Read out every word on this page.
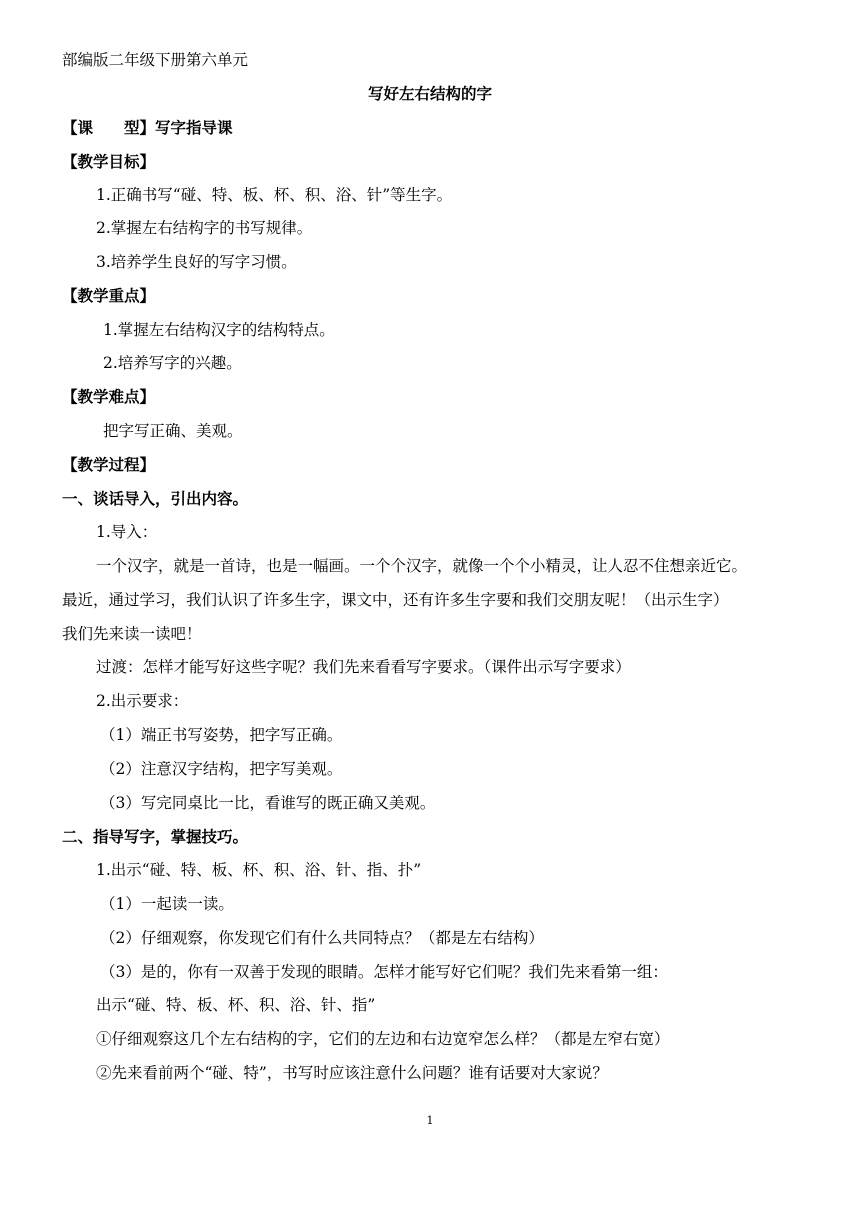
部编版二年级下册第六单元
写好左右结构的字
【课　　型】写字指导课
【教学目标】
1.正确书写“碰、特、板、杯、积、浴、针”等生字。
2.掌握左右结构字的书写规律。
3.培养学生良好的写字习惯。
【教学重点】
1.掌握左右结构汉字的结构特点。
2.培养写字的兴趣。
【教学难点】
把字写正确、美观。
【教学过程】
一、谈话导入，引出内容。
1.导入：
一个汉字，就是一首诗，也是一幅画。一个个汉字，就像一个个小精灵，让人忍不住想亲近它。
最近，通过学习，我们认识了许多生字，课文中，还有许多生字要和我们交朋友呢！（出示生字）
我们先来读一读吧！
过渡：怎样才能写好这些字呢？我们先来看看写字要求。（课件出示写字要求）
2.出示要求：
（1）端正书写姿势，把字写正确。
（2）注意汉字结构，把字写美观。
（3）写完同桌比一比，看谁写的既正确又美观。
二、指导写字，掌握技巧。
1.出示“碰、特、板、杯、积、浴、针、指、扑”
（1）一起读一读。
（2）仔细观察，你发现它们有什么共同特点？（都是左右结构）
（3）是的，你有一双善于发现的眼睛。怎样才能写好它们呢？我们先来看第一组：
出示“碰、特、板、杯、积、浴、针、指”
①仔细观察这几个左右结构的字，它们的左边和右边宽窄怎么样？（都是左窄右宽）
②先来看前两个“碰、特”，书写时应该注意什么问题？谁有话要对大家说？
1
